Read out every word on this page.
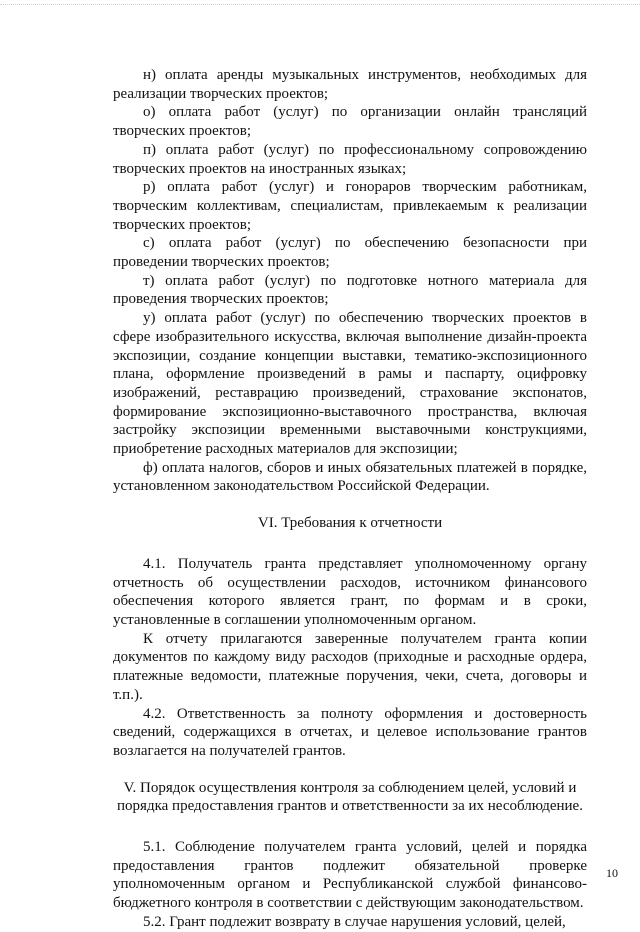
н) оплата аренды музыкальных инструментов, необходимых для реализации творческих проектов;

о) оплата работ (услуг) по организации онлайн трансляций творческих проектов;

п) оплата работ (услуг) по профессиональному сопровождению творческих проектов на иностранных языках;

р) оплата работ (услуг) и гонораров творческим работникам, творческим коллективам, специалистам, привлекаемым к реализации творческих проектов;

с) оплата работ (услуг) по обеспечению безопасности при проведении творческих проектов;

т) оплата работ (услуг) по подготовке нотного материала для проведения творческих проектов;

у) оплата работ (услуг) по обеспечению творческих проектов в сфере изобразительного искусства, включая выполнение дизайн-проекта экспозиции, создание концепции выставки, тематико-экспозиционного плана, оформление произведений в рамы и паспарту, оцифровку изображений, реставрацию произведений, страхование экспонатов, формирование экспозиционно-выставочного пространства, включая застройку экспозиции временными выставочными конструкциями, приобретение расходных материалов для экспозиции;

ф) оплата налогов, сборов и иных обязательных платежей в порядке, установленном законодательством Российской Федерации.

VI. Требования к отчетности

4.1. Получатель гранта представляет уполномоченному органу отчетность об осуществлении расходов, источником финансового обеспечения которого является грант, по формам и в сроки, установленные в соглашении уполномоченным органом.

К отчету прилагаются заверенные получателем гранта копии документов по каждому виду расходов (приходные и расходные ордера, платежные ведомости, платежные поручения, чеки, счета, договоры и т.п.).

4.2. Ответственность за полноту оформления и достоверность сведений, содержащихся в отчетах, и целевое использование грантов возлагается на получателей грантов.

V. Порядок осуществления контроля за соблюдением целей, условий и

порядка предоставления грантов и ответственности за их несоблюдение.

5.1. Соблюдение получателем гранта условий, целей и порядка предоставления грантов подлежит обязательной проверке уполномоченным органом и Республиканской службой финансово-бюджетного контроля в соответствии с действующим законодательством.

5.2. Грант подлежит возврату в случае нарушения условий, целей,

10
